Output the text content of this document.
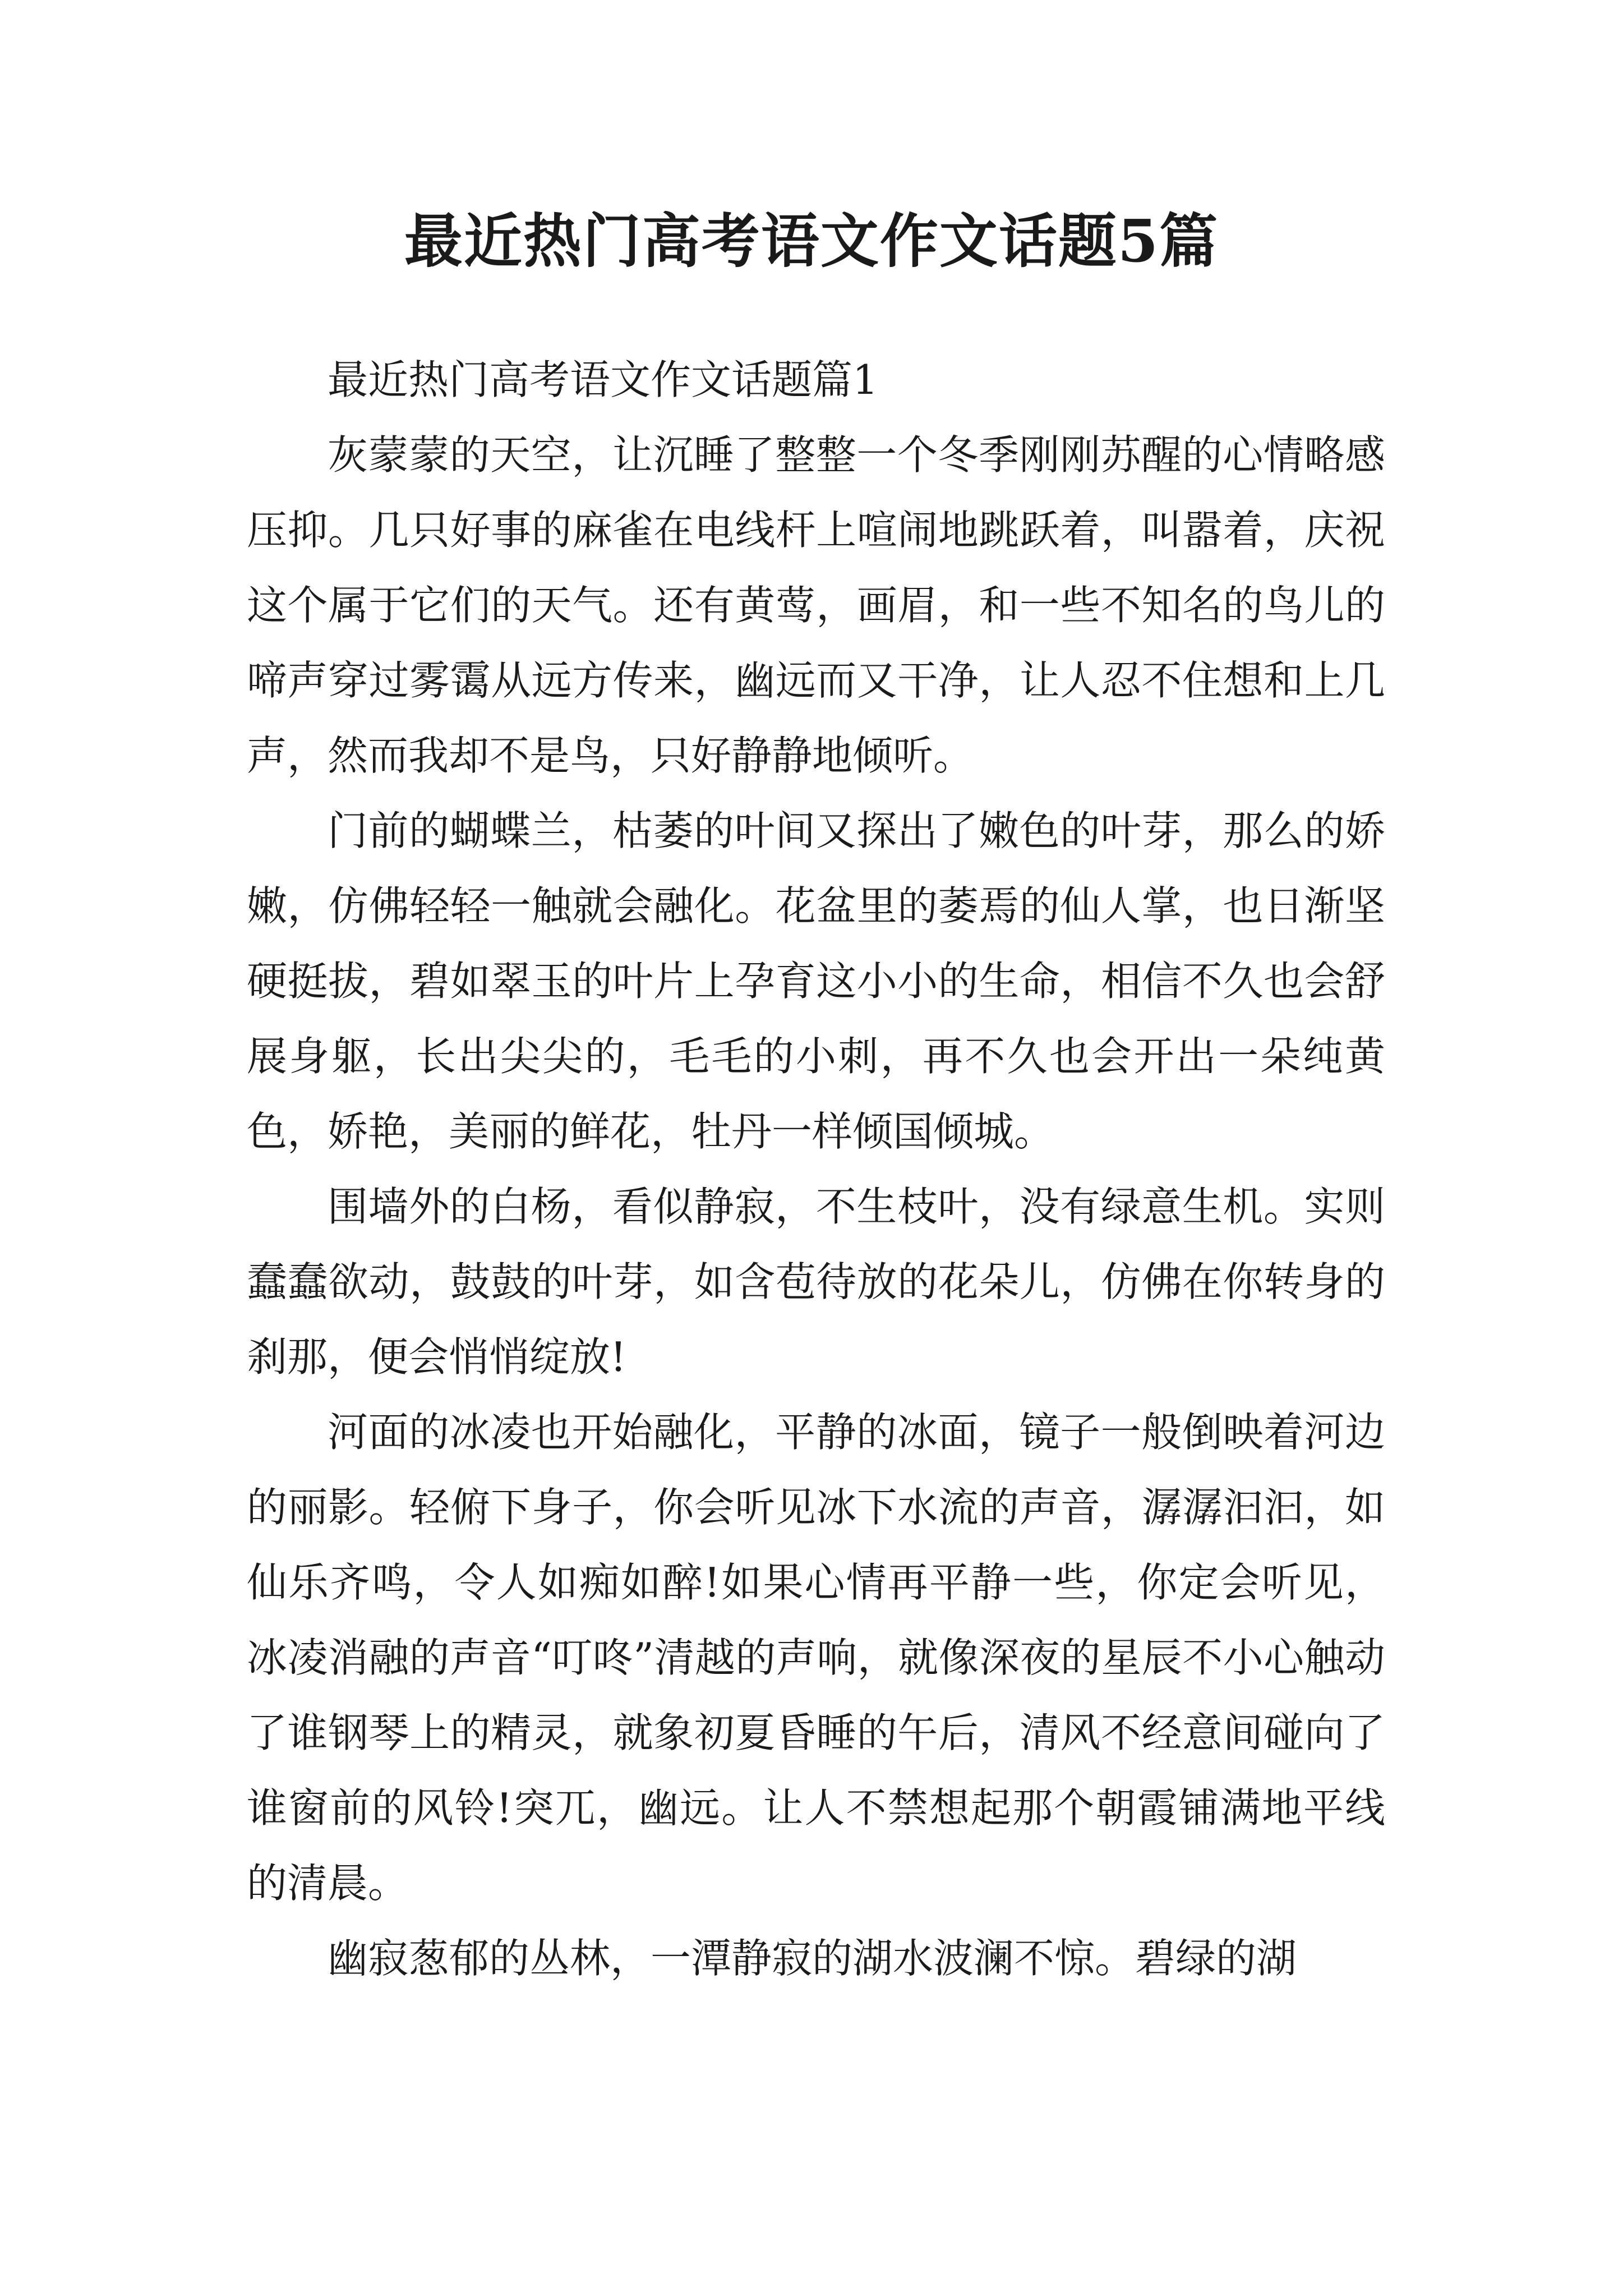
最近热门高考语文作文话题5篇

最近热门高考语文作文话题篇1

灰蒙蒙的天空，让沉睡了整整一个冬季刚刚苏醒的心情略感压抑。几只好事的麻雀在电线杆上喧闹地跳跃着，叫嚣着，庆祝这个属于它们的天气。还有黄莺，画眉，和一些不知名的鸟儿的啼声穿过雾霭从远方传来，幽远而又干净，让人忍不住想和上几声，然而我却不是鸟，只好静静地倾听。

门前的蝴蝶兰，枯萎的叶间又探出了嫩色的叶芽，那么的娇嫩，仿佛轻轻一触就会融化。花盆里的萎焉的仙人掌，也日渐坚硬挺拔，碧如翠玉的叶片上孕育这小小的生命，相信不久也会舒展身躯，长出尖尖的，毛毛的小刺，再不久也会开出一朵纯黄色，娇艳，美丽的鲜花，牡丹一样倾国倾城。

围墙外的白杨，看似静寂，不生枝叶，没有绿意生机。实则蠢蠢欲动，鼓鼓的叶芽，如含苞待放的花朵儿，仿佛在你转身的刹那，便会悄悄绽放!

河面的冰凌也开始融化，平静的冰面，镜子一般倒映着河边的丽影。轻俯下身子，你会听见冰下水流的声音，潺潺汩汩，如仙乐齐鸣，令人如痴如醉!如果心情再平静一些，你定会听见，冰凌消融的声音“叮咚”清越的声响，就像深夜的星辰不小心触动了谁钢琴上的精灵，就象初夏昏睡的午后，清风不经意间碰向了谁窗前的风铃!突兀，幽远。让人不禁想起那个朝霞铺满地平线的清晨。

幽寂葱郁的丛林，一潭静寂的湖水波澜不惊。碧绿的湖
